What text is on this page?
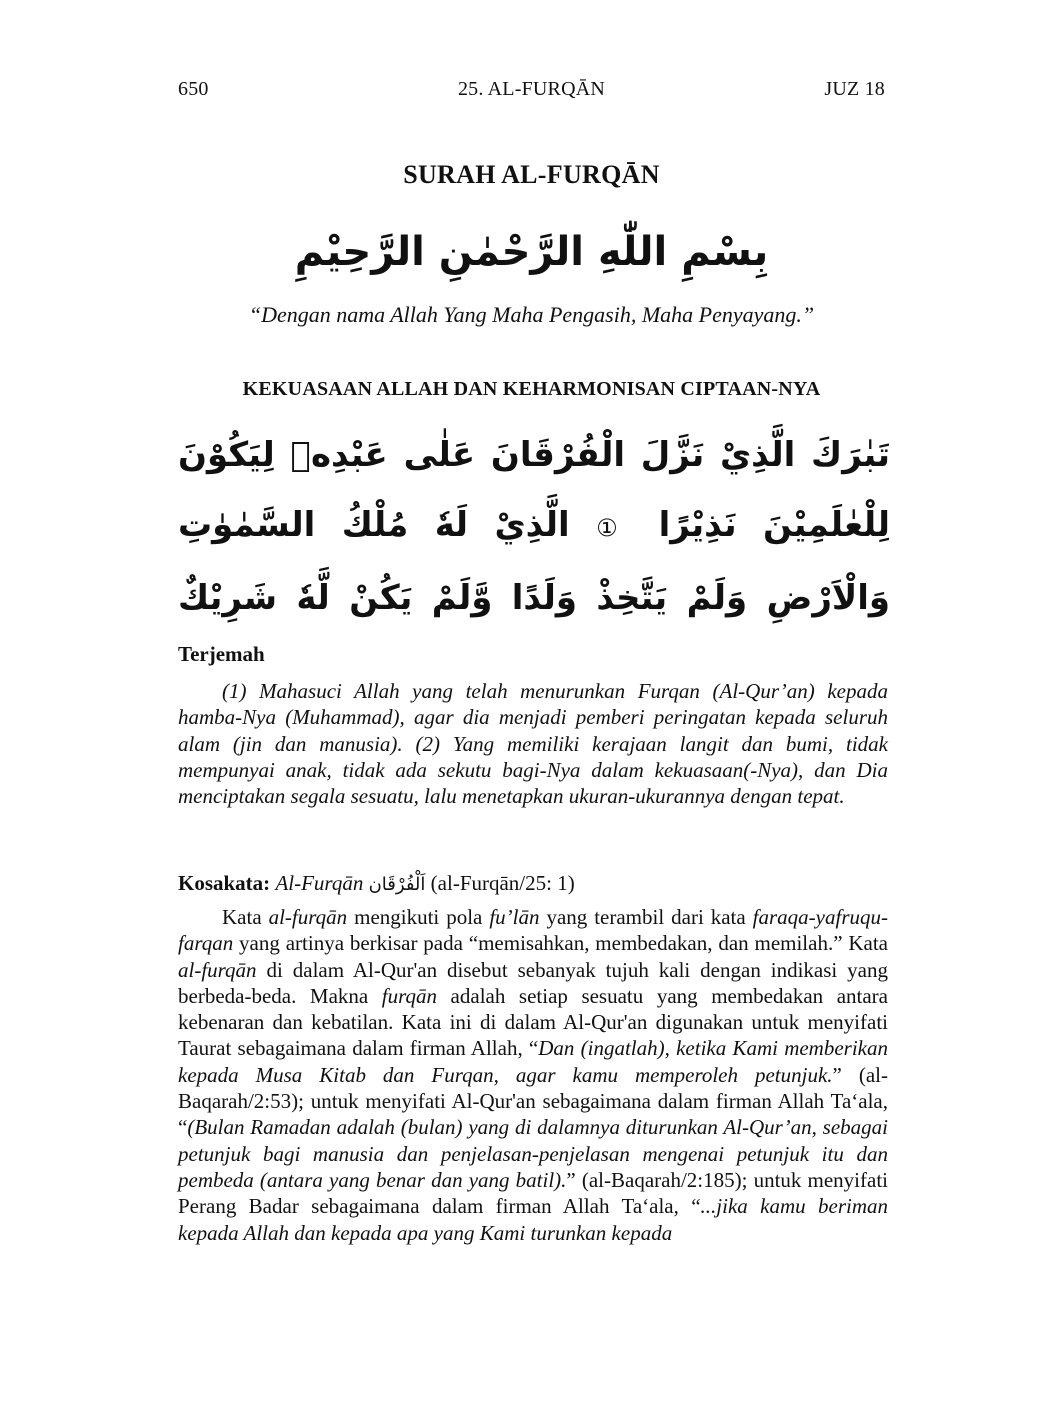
650	25. AL-FURQĀN	JUZ 18
SURAH AL-FURQĀN
بِسْمِ اللّٰهِ الرَّحْمٰنِ الرَّحِيْمِ
“Dengan nama Allah Yang Maha Pengasih, Maha Penyayang.”
KEKUASAAN ALLAH DAN KEHARMONISAN CIPTAAN-NYA
تَبٰرَكَ الَّذِيْ نَزَّلَ الْفُرْقَانَ عَلٰى عَبْدِهٖ لِيَكُوْنَ لِلْعٰلَمِيْنَ نَذِيْرًا ① الَّذِيْ لَهٗ مُلْكُ السَّمٰوٰتِ وَالْاَرْضِ وَلَمْ يَتَّخِذْ وَلَدًا وَّلَمْ يَكُنْ لَّهٗ شَرِيْكٌ
Terjemah
(1) Mahasuci Allah yang telah menurunkan Furqan (Al-Qur’an) kepada hamba-Nya (Muhammad), agar dia menjadi pemberi peringatan kepada seluruh alam (jin dan manusia). (2) Yang memiliki kerajaan langit dan bumi, tidak mempunyai anak, tidak ada sekutu bagi-Nya dalam kekuasaan(-Nya), dan Dia menciptakan segala sesuatu, lalu menetapkan ukuran-ukurannya dengan tepat.
Kosakata: Al-Furqān اَلْفُرْقَان (al-Furqān/25: 1)
Kata al-furqān mengikuti pola fu’lān yang terambil dari kata faraqa-yafruqu-farqan yang artinya berkisar pada “memisahkan, membedakan, dan memilah.” Kata al-furqān di dalam Al-Qur'an disebut sebanyak tujuh kali dengan indikasi yang berbeda-beda. Makna furqān adalah setiap sesuatu yang membedakan antara kebenaran dan kebatilan. Kata ini di dalam Al-Qur'an digunakan untuk menyifati Taurat sebagaimana dalam firman Allah, “Dan (ingatlah), ketika Kami memberikan kepada Musa Kitab dan Furqan, agar kamu memperoleh petunjuk.” (al-Baqarah/2:53); untuk menyifati Al-Qur'an sebagaimana dalam firman Allah Ta‘ala, “(Bulan Ramadan adalah (bulan) yang di dalamnya diturunkan Al-Qur’an, sebagai petunjuk bagi manusia dan penjelasan-penjelasan mengenai petunjuk itu dan pembeda (antara yang benar dan yang batil).” (al-Baqarah/2:185); untuk menyifati Perang Badar sebagaimana dalam firman Allah Ta‘ala, “...jika kamu beriman kepada Allah dan kepada apa yang Kami turunkan kepada
